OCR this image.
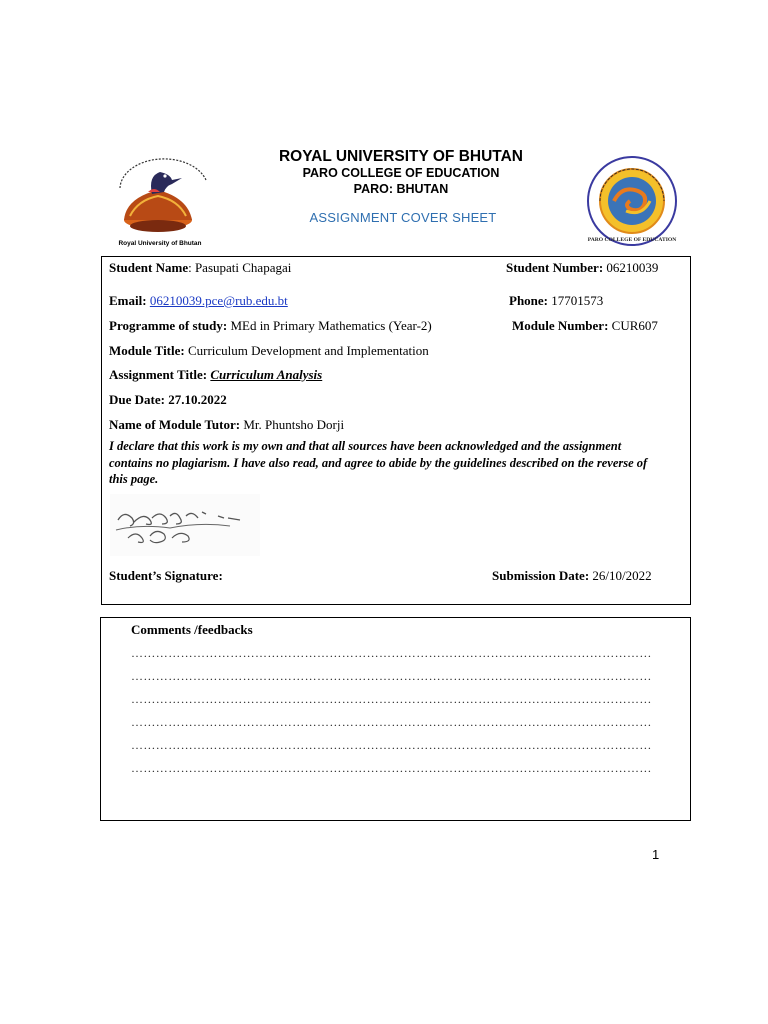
ROYAL UNIVERSITY OF BHUTAN
PARO COLLEGE OF EDUCATION
PARO: BHUTAN
ASSIGNMENT COVER SHEET
Royal University of Bhutan	PARO COLLEGE OF EDUCATION
Student Name: Pasupati Chapagai	Student Number: 06210039
Email: 06210039.pce@rub.edu.bt	Phone: 17701573
Programme of study: MEd in Primary Mathematics (Year-2)	Module Number: CUR607
Module Title: Curriculum Development and Implementation
Assignment Title: Curriculum Analysis
Due Date: 27.10.2022
Name of Module Tutor: Mr. Phuntsho Dorji
I declare that this work is my own and that all sources have been acknowledged and the assignment contains no plagiarism. I have also read, and agree to abide by the guidelines described on the reverse of this page.
Student’s Signature:	Submission Date: 26/10/2022
Comments /feedbacks
………………………………………………………………………………………………………………
………………………………………………………………………………………………………………
………………………………………………………………………………………………………………
………………………………………………………………………………………………………………
………………………………………………………………………………………………………………
………………………………………………………………………………………………………………
1
